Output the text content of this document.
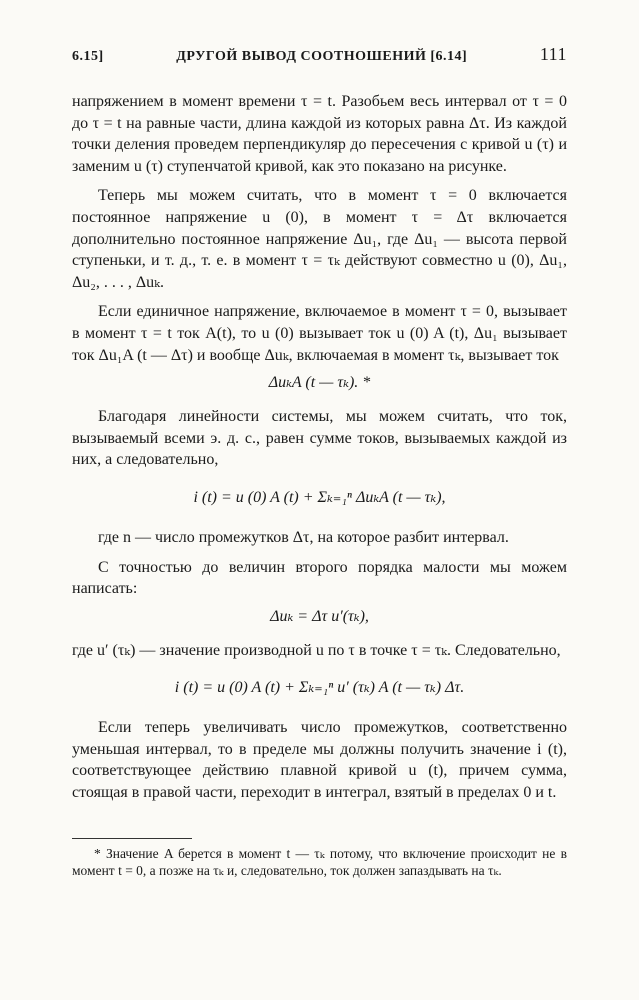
6.15]	ДРУГОЙ ВЫВОД СООТНОШЕНИЙ [6.14]	111

напряжением в момент времени τ = t. Разобьем весь интервал от τ = 0 до τ = t на равные части, длина каждой из которых равна Δτ. Из каждой точки деления проведем перпендикуляр до пересечения с кривой u (τ) и заменим u (τ) ступенчатой кривой, как это показано на рисунке.

Теперь мы можем считать, что в момент τ = 0 включается постоянное напряжение u (0), в момент τ = Δτ включается дополнительно постоянное напряжение Δu₁, где Δu₁ — высота первой ступеньки, и т. д., т. е. в момент τ = τₖ действуют совместно u (0), Δu₁, Δu₂, . . . , Δuₖ.

Если единичное напряжение, включаемое в момент τ = 0, вызывает в момент τ = t ток A(t), то u (0) вызывает ток u (0) A (t), Δu₁ вызывает ток Δu₁A (t — Δτ) и вообще Δuₖ, включаемая в момент τₖ, вызывает ток

ΔuₖA (t — τₖ). *

Благодаря линейности системы, мы можем считать, что ток, вызываемый всеми э. д. с., равен сумме токов, вызываемых каждой из них, а следовательно,

i (t) = u (0) A (t) + Σₖ₌₁ⁿ ΔuₖA (t — τₖ),

где n — число промежутков Δτ, на которое разбит интервал.

С точностью до величин второго порядка малости мы можем написать:

Δuₖ = Δτ u′(τₖ),

где u′ (τₖ) — значение производной u по τ в точке τ = τₖ. Следовательно,

i (t) = u (0) A (t) + Σₖ₌₁ⁿ u′ (τₖ) A (t — τₖ) Δτ.

Если теперь увеличивать число промежутков, соответственно уменьшая интервал, то в пределе мы должны получить значение i (t), соответствующее действию плавной кривой u (t), причем сумма, стоящая в правой части, переходит в интеграл, взятый в пределах 0 и t.

* Значение A берется в момент t — τₖ потому, что включение происходит не в момент t = 0, а позже на τₖ и, следовательно, ток должен запаздывать на τₖ.
